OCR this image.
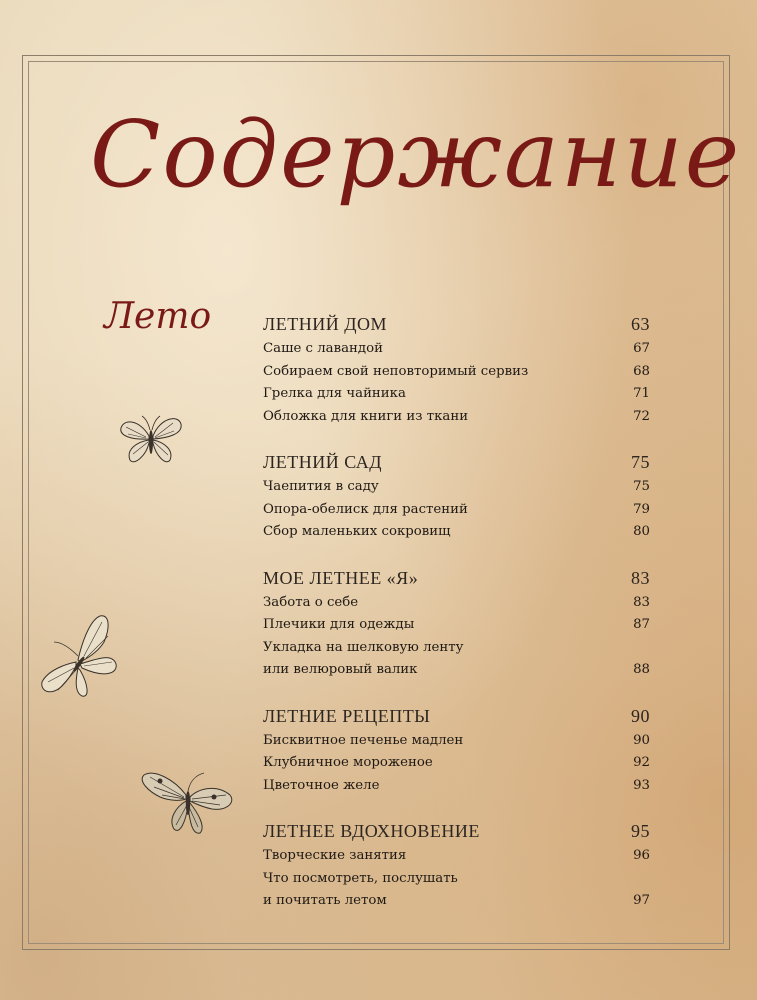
Содержание
Лето	ЛЕТНИЙ ДОМ	63
Саше с лавандой	67
Собираем свой неповторимый сервиз	68
Грелка для чайника	71
Обложка для книги из ткани	72
ЛЕТНИЙ САД	75
Чаепития в саду	75
Опора-обелиск для растений	79
Сбор маленьких сокровищ	80
МОЕ ЛЕТНЕЕ «Я»	83
Забота о себе	83
Плечики для одежды	87
Укладка на шелковую ленту
или велюровый валик	88
ЛЕТНИЕ РЕЦЕПТЫ	90
Бисквитное печенье мадлен	90
Клубничное мороженое	92
Цветочное желе	93
ЛЕТНЕЕ ВДОХНОВЕНИЕ	95
Творческие занятия	96
Что посмотреть, послушать
и почитать летом	97
